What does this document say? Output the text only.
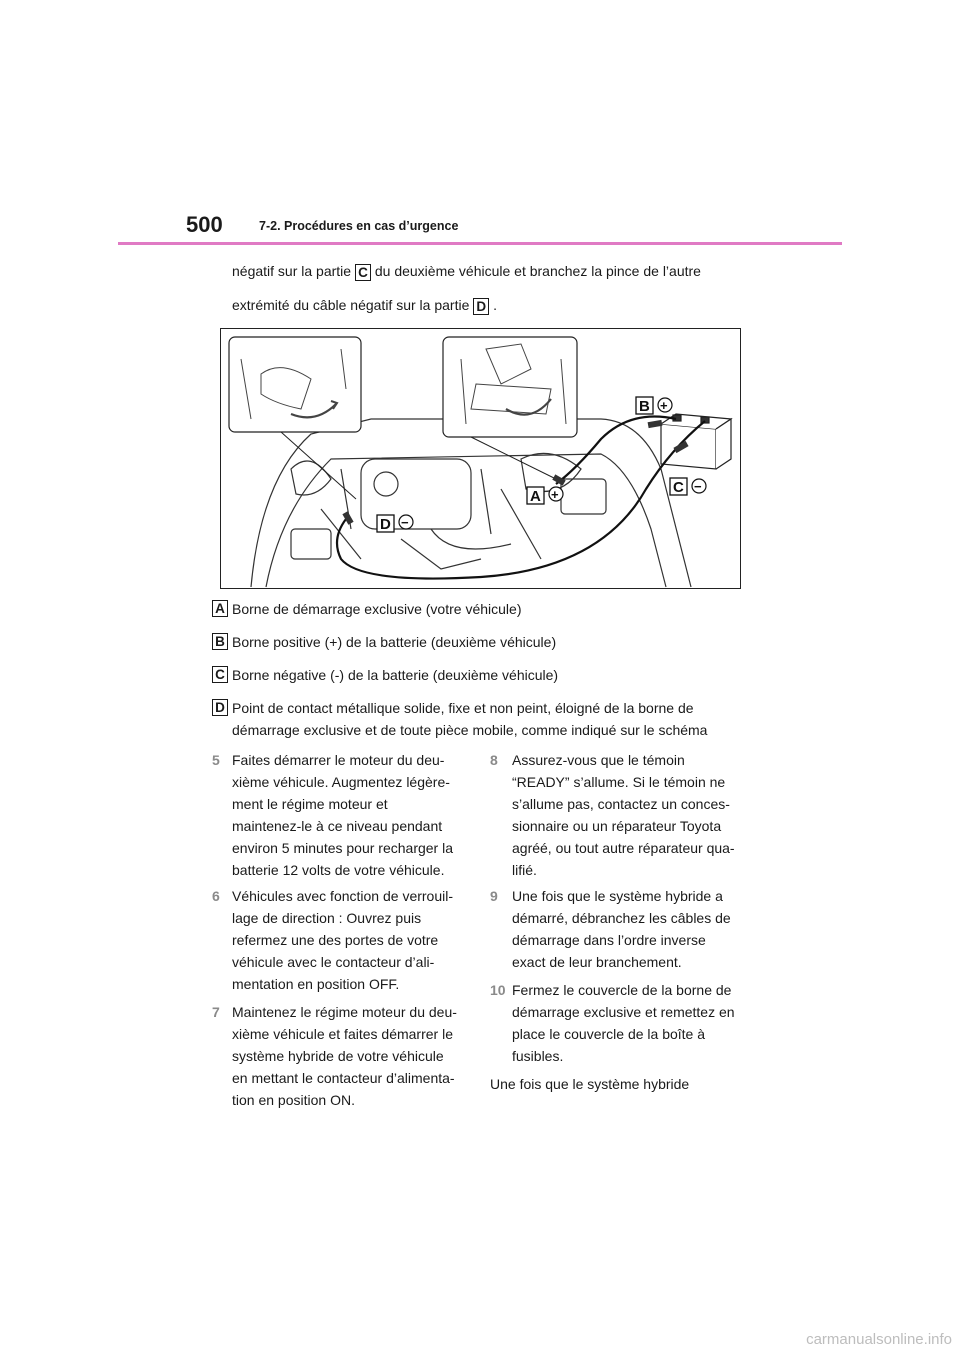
500	7-2. Procédures en cas d’urgence
négatif sur la partie C du deuxième véhicule et branchez la pince de l’autre
extrémité du câble négatif sur la partie D .
B +
C −
A +
D −
A Borne de démarrage exclusive (votre véhicule)
B Borne positive (+) de la batterie (deuxième véhicule)
C Borne négative (-) de la batterie (deuxième véhicule)
D Point de contact métallique solide, fixe et non peint, éloigné de la borne de
démarrage exclusive et de toute pièce mobile, comme indiqué sur le schéma
5 Faites démarrer le moteur du deu-
xième véhicule. Augmentez légère-
ment le régime moteur et
maintenez-le à ce niveau pendant
environ 5 minutes pour recharger la
batterie 12 volts de votre véhicule.
6 Véhicules avec fonction de verrouil-
lage de direction : Ouvrez puis
refermez une des portes de votre
véhicule avec le contacteur d’ali-
mentation en position OFF.
7 Maintenez le régime moteur du deu-
xième véhicule et faites démarrer le
système hybride de votre véhicule
en mettant le contacteur d’alimenta-
tion en position ON.
8 Assurez-vous que le témoin
“READY” s’allume. Si le témoin ne
s’allume pas, contactez un conces-
sionnaire ou un réparateur Toyota
agréé, ou tout autre réparateur qua-
lifié.
9 Une fois que le système hybride a
démarré, débranchez les câbles de
démarrage dans l’ordre inverse
exact de leur branchement.
10 Fermez le couvercle de la borne de
démarrage exclusive et remettez en
place le couvercle de la boîte à
fusibles.
Une fois que le système hybride
carmanualsonline.info
